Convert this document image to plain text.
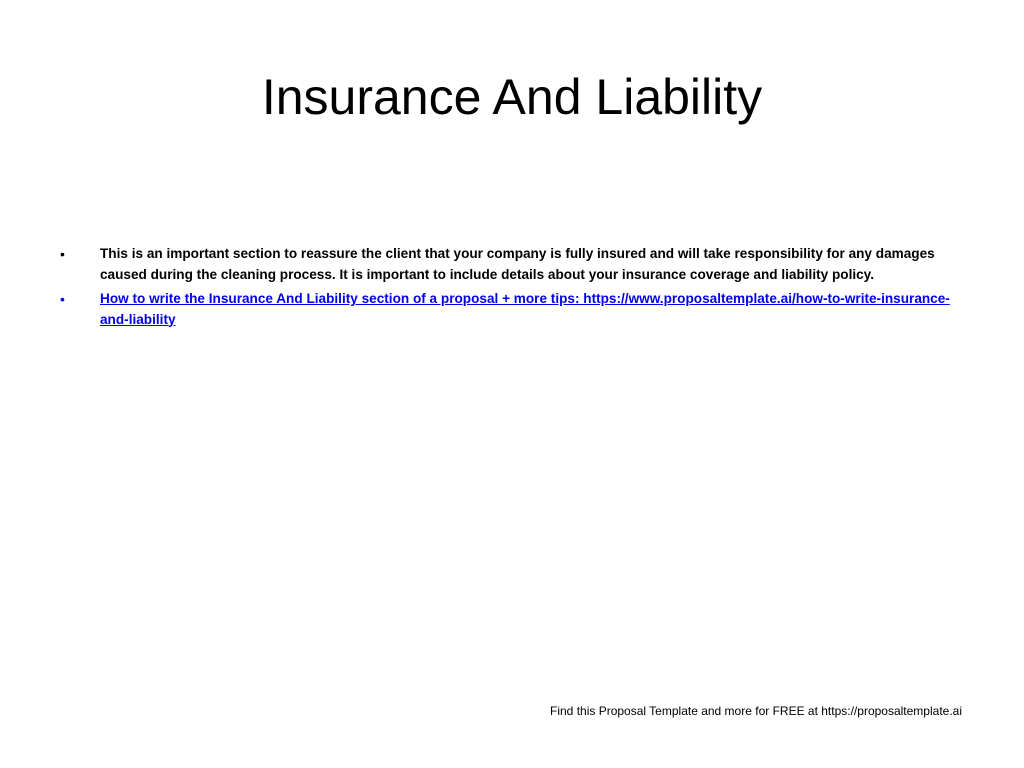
Insurance And Liability
•	This is an important section to reassure the client that your company is fully insured and will take responsibility for any damages caused during the cleaning process. It is important to include details about your insurance coverage and liability policy.
•	How to write the Insurance And Liability section of a proposal + more tips: https://www.proposaltemplate.ai/how-to-write-insurance-and-liability
Find this Proposal Template and more for FREE at https://proposaltemplate.ai
